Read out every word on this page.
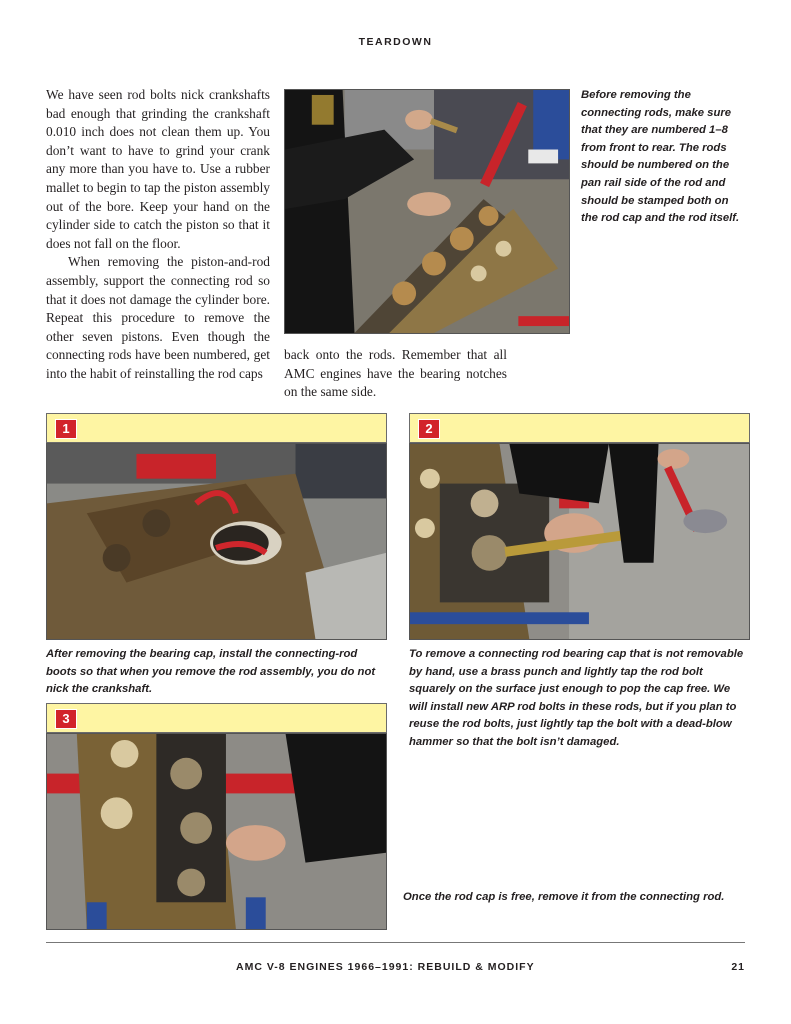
TEARDOWN

We have seen rod bolts nick crankshafts bad enough that grinding the crankshaft 0.010 inch does not clean them up. You don’t want to have to grind your crank any more than you have to. Use a rubber mallet to begin to tap the piston assembly out of the bore. Keep your hand on the cylinder side to catch the piston so that it does not fall on the floor.

When removing the piston-and-rod assembly, support the connecting rod so that it does not damage the cylinder bore. Repeat this procedure to remove the other seven pistons. Even though the connecting rods have been numbered, get into the habit of reinstalling the rod caps

back onto the rods. Remember that all AMC engines have the bearing notches on the same side.

Before removing the connecting rods, make sure that they are numbered 1–8 from front to rear. The rods should be numbered on the pan rail side of the rod and should be stamped both on the rod cap and the rod itself.
1
After removing the bearing cap, install the connecting-rod boots so that when you remove the rod assembly, you do not nick the crankshaft.
2
To remove a connecting rod bearing cap that is not removable by hand, use a brass punch and lightly tap the rod bolt squarely on the surface just enough to pop the cap free. We will install new ARP rod bolts in these rods, but if you plan to reuse the rod bolts, just lightly tap the bolt with a dead-blow hammer so that the bolt isn’t damaged.
3
Once the rod cap is free, remove it from the connecting rod.
AMC V-8 ENGINES 1966–1991: REBUILD & MODIFY	21
